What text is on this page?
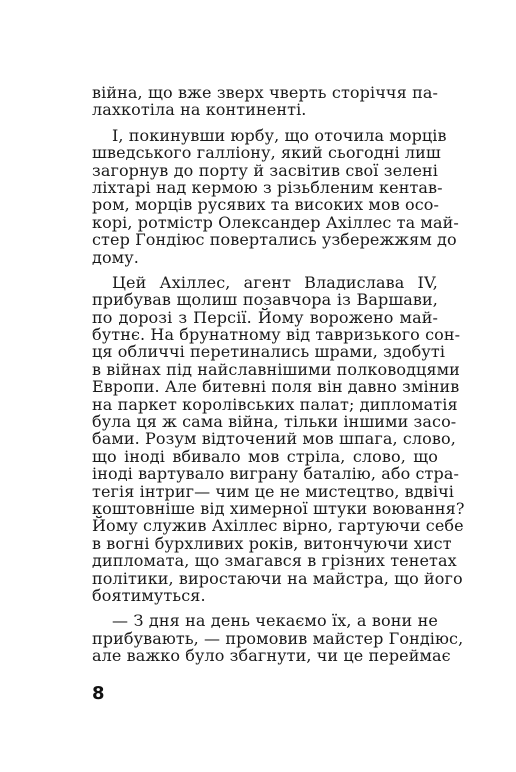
війна, що вже зверх чверть сторіччя па-
лахкотіла на континенті.
І, покинувши юрбу, що оточила морців
шведського галліону, який сьогодні лиш
загорнув до порту й засвітив свої зелені
ліхтарі над кермою з різьбленим кентав-
ром, морців русявих та високих мов осо-
корі, ротмістр Олександер Ахіллес та май-
стер Гондіюс повертались узбережжям до
дому.
Цей Ахіллес, агент Владислава IV,
прибував щолиш позавчора із Варшави,
по дорозі з Персії. Йому ворожено май-
бутнє. На брунатному від тавризького сон-
ця обличчі перетинались шрами, здобуті
в війнах під найславнішими полководцями
Европи. Але битевні поля він давно змінив
на паркет королівських палат; дипломатія
була ця ж сама війна, тільки іншими засо-
бами. Розум відточений мов шпага, слово,
що іноді вбивало мов стріла, слово, що
іноді вартувало виграну баталію, або стра-
тегія інтриг— чим це не мистецтво, вдвічі
коштовніше від химерної штуки воювання?
Йому служив Ахіллес вірно, гартуючи себе
в вогні бурхливих років, витончуючи хист
дипломата, що змагався в грізних тенетах
політики, виростаючи на майстра, що його
боятимуться.
— З дня на день чекаємо їх, а вони не
прибувають, — промовив майстер Гондіюс,
але важко було збагнути, чи це переймає
8
